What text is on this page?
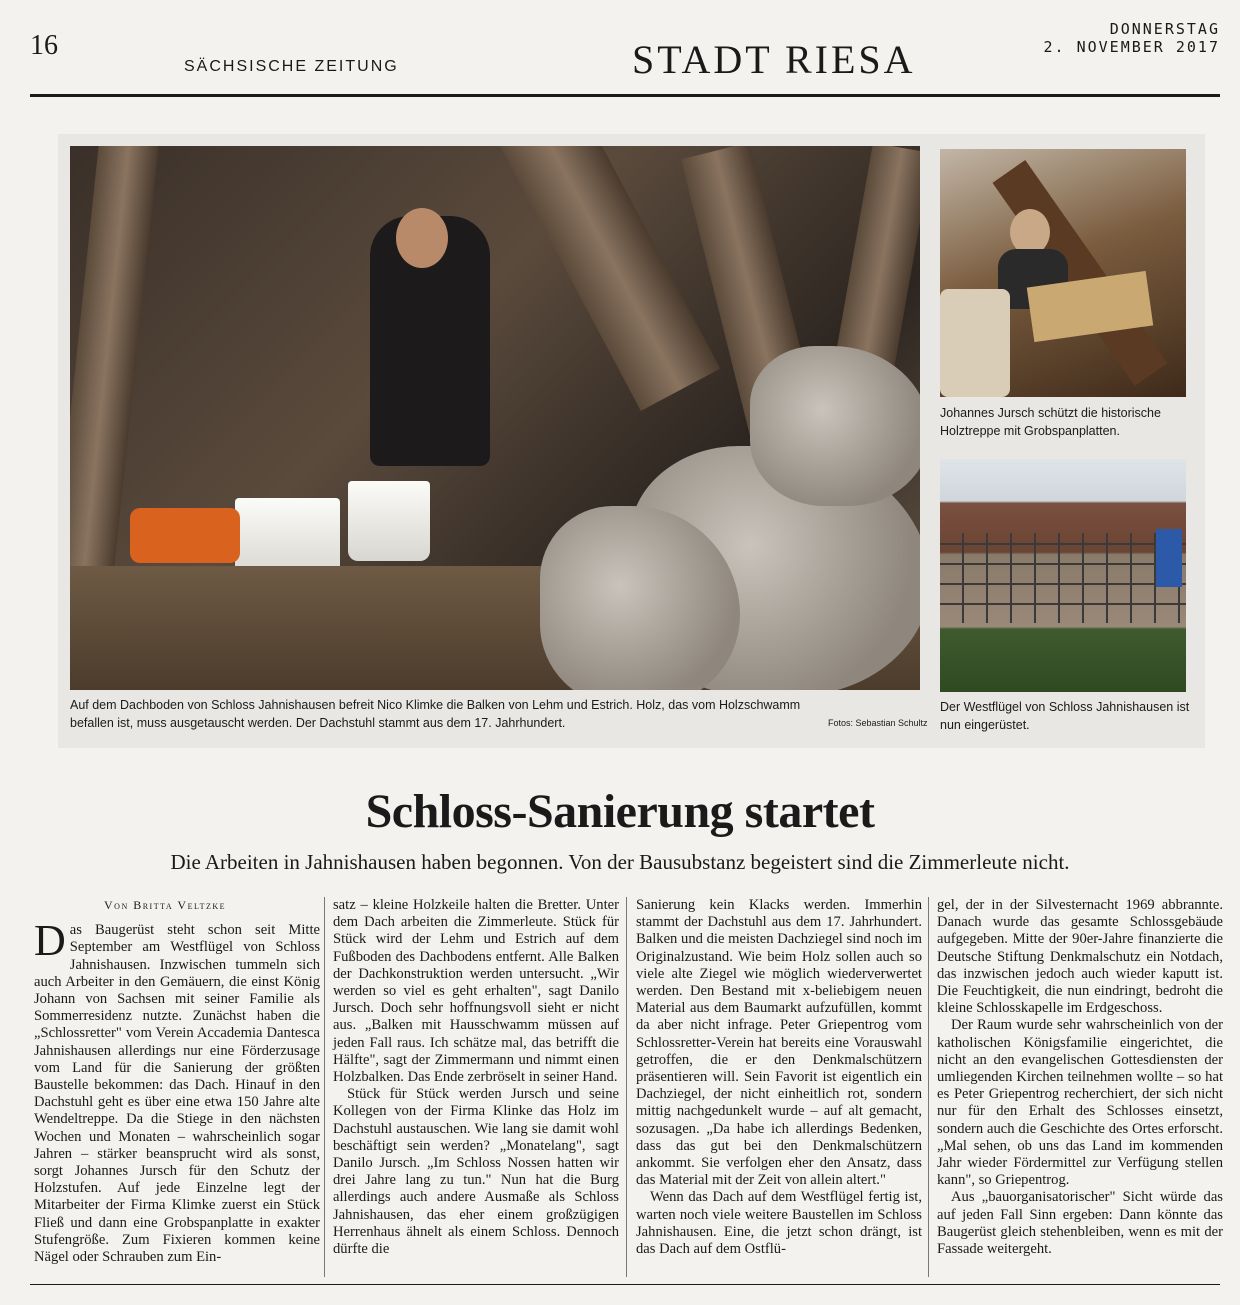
16
SÄCHSISCHE ZEITUNG	STADT RIESA
DONNERSTAG
2. NOVEMBER 2017
Auf dem Dachboden von Schloss Jahnishausen befreit Nico Klimke die Balken von Lehm und Estrich. Holz, das vom Holzschwamm befallen ist, muss ausgetauscht werden. Der Dachstuhl stammt aus dem 17. Jahrhundert.	Fotos: Sebastian Schultz
Johannes Jursch schützt die historische Holztreppe mit Grobspanplatten.
Der Westflügel von Schloss Jahnishausen ist nun eingerüstet.
Schloss-Sanierung startet
Die Arbeiten in Jahnishausen haben begonnen. Von der Bausubstanz begeistert sind die Zimmerleute nicht.
Von Britta Veltzke

Das Baugerüst steht schon seit Mitte September am Westflügel von Schloss Jahnishausen. Inzwischen tummeln sich auch Arbeiter in den Gemäuern, die einst König Johann von Sachsen mit seiner Familie als Sommerresidenz nutzte. Zunächst haben die „Schlossretter" vom Verein Accademia Dantesca Jahnishausen allerdings nur eine Förderzusage vom Land für die Sanierung der größten Baustelle bekommen: das Dach. Hinauf in den Dachstuhl geht es über eine etwa 150 Jahre alte Wendeltreppe. Da die Stiege in den nächsten Wochen und Monaten – wahrscheinlich sogar Jahren – stärker beansprucht wird als sonst, sorgt Johannes Jursch für den Schutz der Holzstufen. Auf jede Einzelne legt der Mitarbeiter der Firma Klimke zuerst ein Stück Fließ und dann eine Grobspanplatte in exakter Stufengröße. Zum Fixieren kommen keine Nägel oder Schrauben zum Ein-

satz – kleine Holzkeile halten die Bretter. Unter dem Dach arbeiten die Zimmerleute. Stück für Stück wird der Lehm und Estrich auf dem Fußboden des Dachbodens entfernt. Alle Balken der Dachkonstruktion werden untersucht. „Wir werden so viel es geht erhalten", sagt Danilo Jursch. Doch sehr hoffnungsvoll sieht er nicht aus. „Balken mit Hausschwamm müssen auf jeden Fall raus. Ich schätze mal, das betrifft die Hälfte", sagt der Zimmermann und nimmt einen Holzbalken. Das Ende zerbröselt in seiner Hand.

Stück für Stück werden Jursch und seine Kollegen von der Firma Klinke das Holz im Dachstuhl austauschen. Wie lang sie damit wohl beschäftigt sein werden? „Monatelang", sagt Danilo Jursch. „Im Schloss Nossen hatten wir drei Jahre lang zu tun." Nun hat die Burg allerdings auch andere Ausmaße als Schloss Jahnishausen, das eher einem großzügigen Herrenhaus ähnelt als einem Schloss. Dennoch dürfte die

Sanierung kein Klacks werden. Immerhin stammt der Dachstuhl aus dem 17. Jahrhundert. Balken und die meisten Dachziegel sind noch im Originalzustand. Wie beim Holz sollen auch so viele alte Ziegel wie möglich wiederverwertet werden. Den Bestand mit x-beliebigem neuen Material aus dem Baumarkt aufzufüllen, kommt da aber nicht infrage. Peter Griepentrog vom Schlossretter-Verein hat bereits eine Vorauswahl getroffen, die er den Denkmalschützern präsentieren will. Sein Favorit ist eigentlich ein Dachziegel, der nicht einheitlich rot, sondern mittig nachgedunkelt wurde – auf alt gemacht, sozusagen. „Da habe ich allerdings Bedenken, dass das gut bei den Denkmalschützern ankommt. Sie verfolgen eher den Ansatz, dass das Material mit der Zeit von allein altert."

Wenn das Dach auf dem Westflügel fertig ist, warten noch viele weitere Baustellen im Schloss Jahnishausen. Eine, die jetzt schon drängt, ist das Dach auf dem Ostflü-

gel, der in der Silvesternacht 1969 abbrannte. Danach wurde das gesamte Schlossgebäude aufgegeben. Mitte der 90er-Jahre finanzierte die Deutsche Stiftung Denkmalschutz ein Notdach, das inzwischen jedoch auch wieder kaputt ist. Die Feuchtigkeit, die nun eindringt, bedroht die kleine Schlosskapelle im Erdgeschoss.

Der Raum wurde sehr wahrscheinlich von der katholischen Königsfamilie eingerichtet, die nicht an den evangelischen Gottesdiensten der umliegenden Kirchen teilnehmen wollte – so hat es Peter Griepentrog recherchiert, der sich nicht nur für den Erhalt des Schlosses einsetzt, sondern auch die Geschichte des Ortes erforscht. „Mal sehen, ob uns das Land im kommenden Jahr wieder Fördermittel zur Verfügung stellen kann", so Griepentrog.

Aus „bauorganisatorischer" Sicht würde das auf jeden Fall Sinn ergeben: Dann könnte das Baugerüst gleich stehenbleiben, wenn es mit der Fassade weitergeht.
